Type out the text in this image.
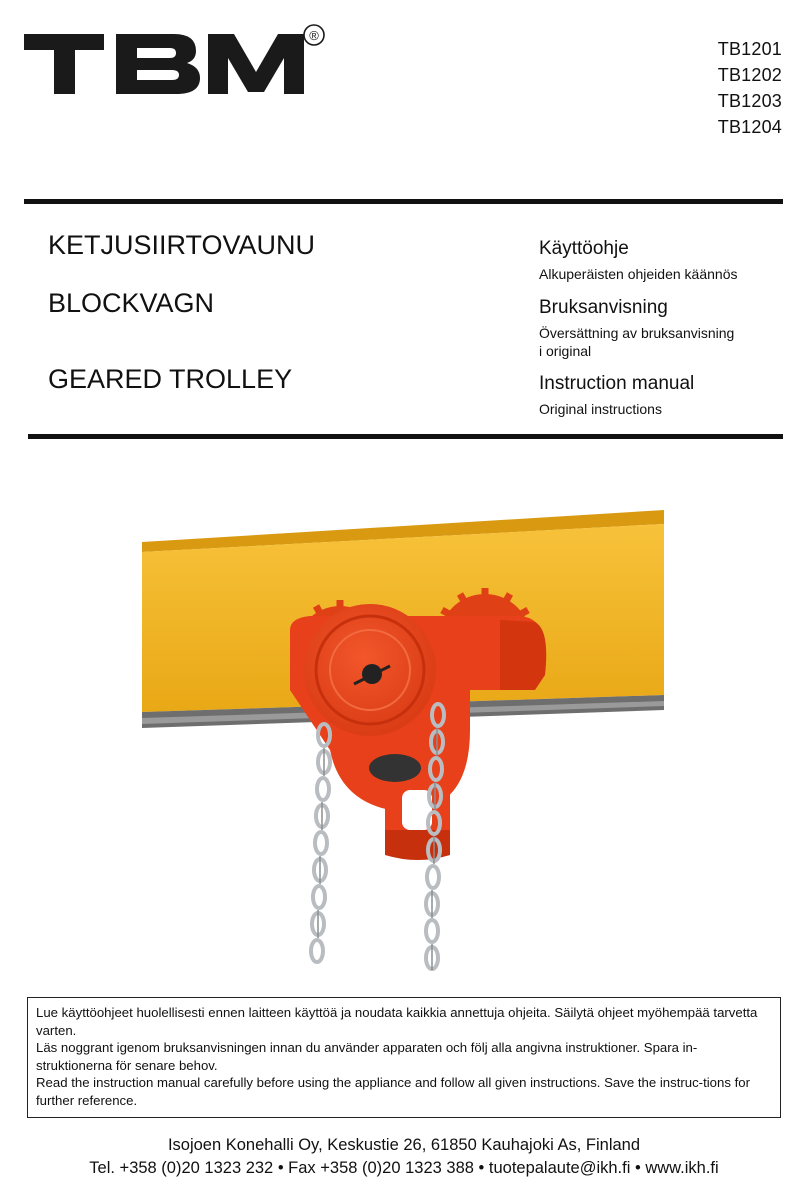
®
TB1201
TB1202
TB1203
TB1204
KETJUSIIRTOVAUNU
BLOCKVAGN
GEARED TROLLEY
Käyttöohje
Alkuperäisten ohjeiden käännös
Bruksanvisning
Översättning av bruksanvisning
i original
Instruction manual
Original instructions

Lue käyttöohjeet huolellisesti ennen laitteen käyttöä ja noudata kaikkia annettuja ohjeita. Säilytä ohjeet myöhempää tarvetta varten.

Läs noggrant igenom bruksanvisningen innan du använder apparaten och följ alla angivna instruktioner. Spara in-struktionerna för senare behov.

Read the instruction manual carefully before using the appliance and follow all given instructions. Save the instruc-tions for further reference.

Isojoen Konehalli Oy, Keskustie 26, 61850 Kauhajoki As, Finland
Tel. +358 (0)20 1323 232 • Fax +358 (0)20 1323 388 • tuotepalaute@ikh.fi • www.ikh.fi
